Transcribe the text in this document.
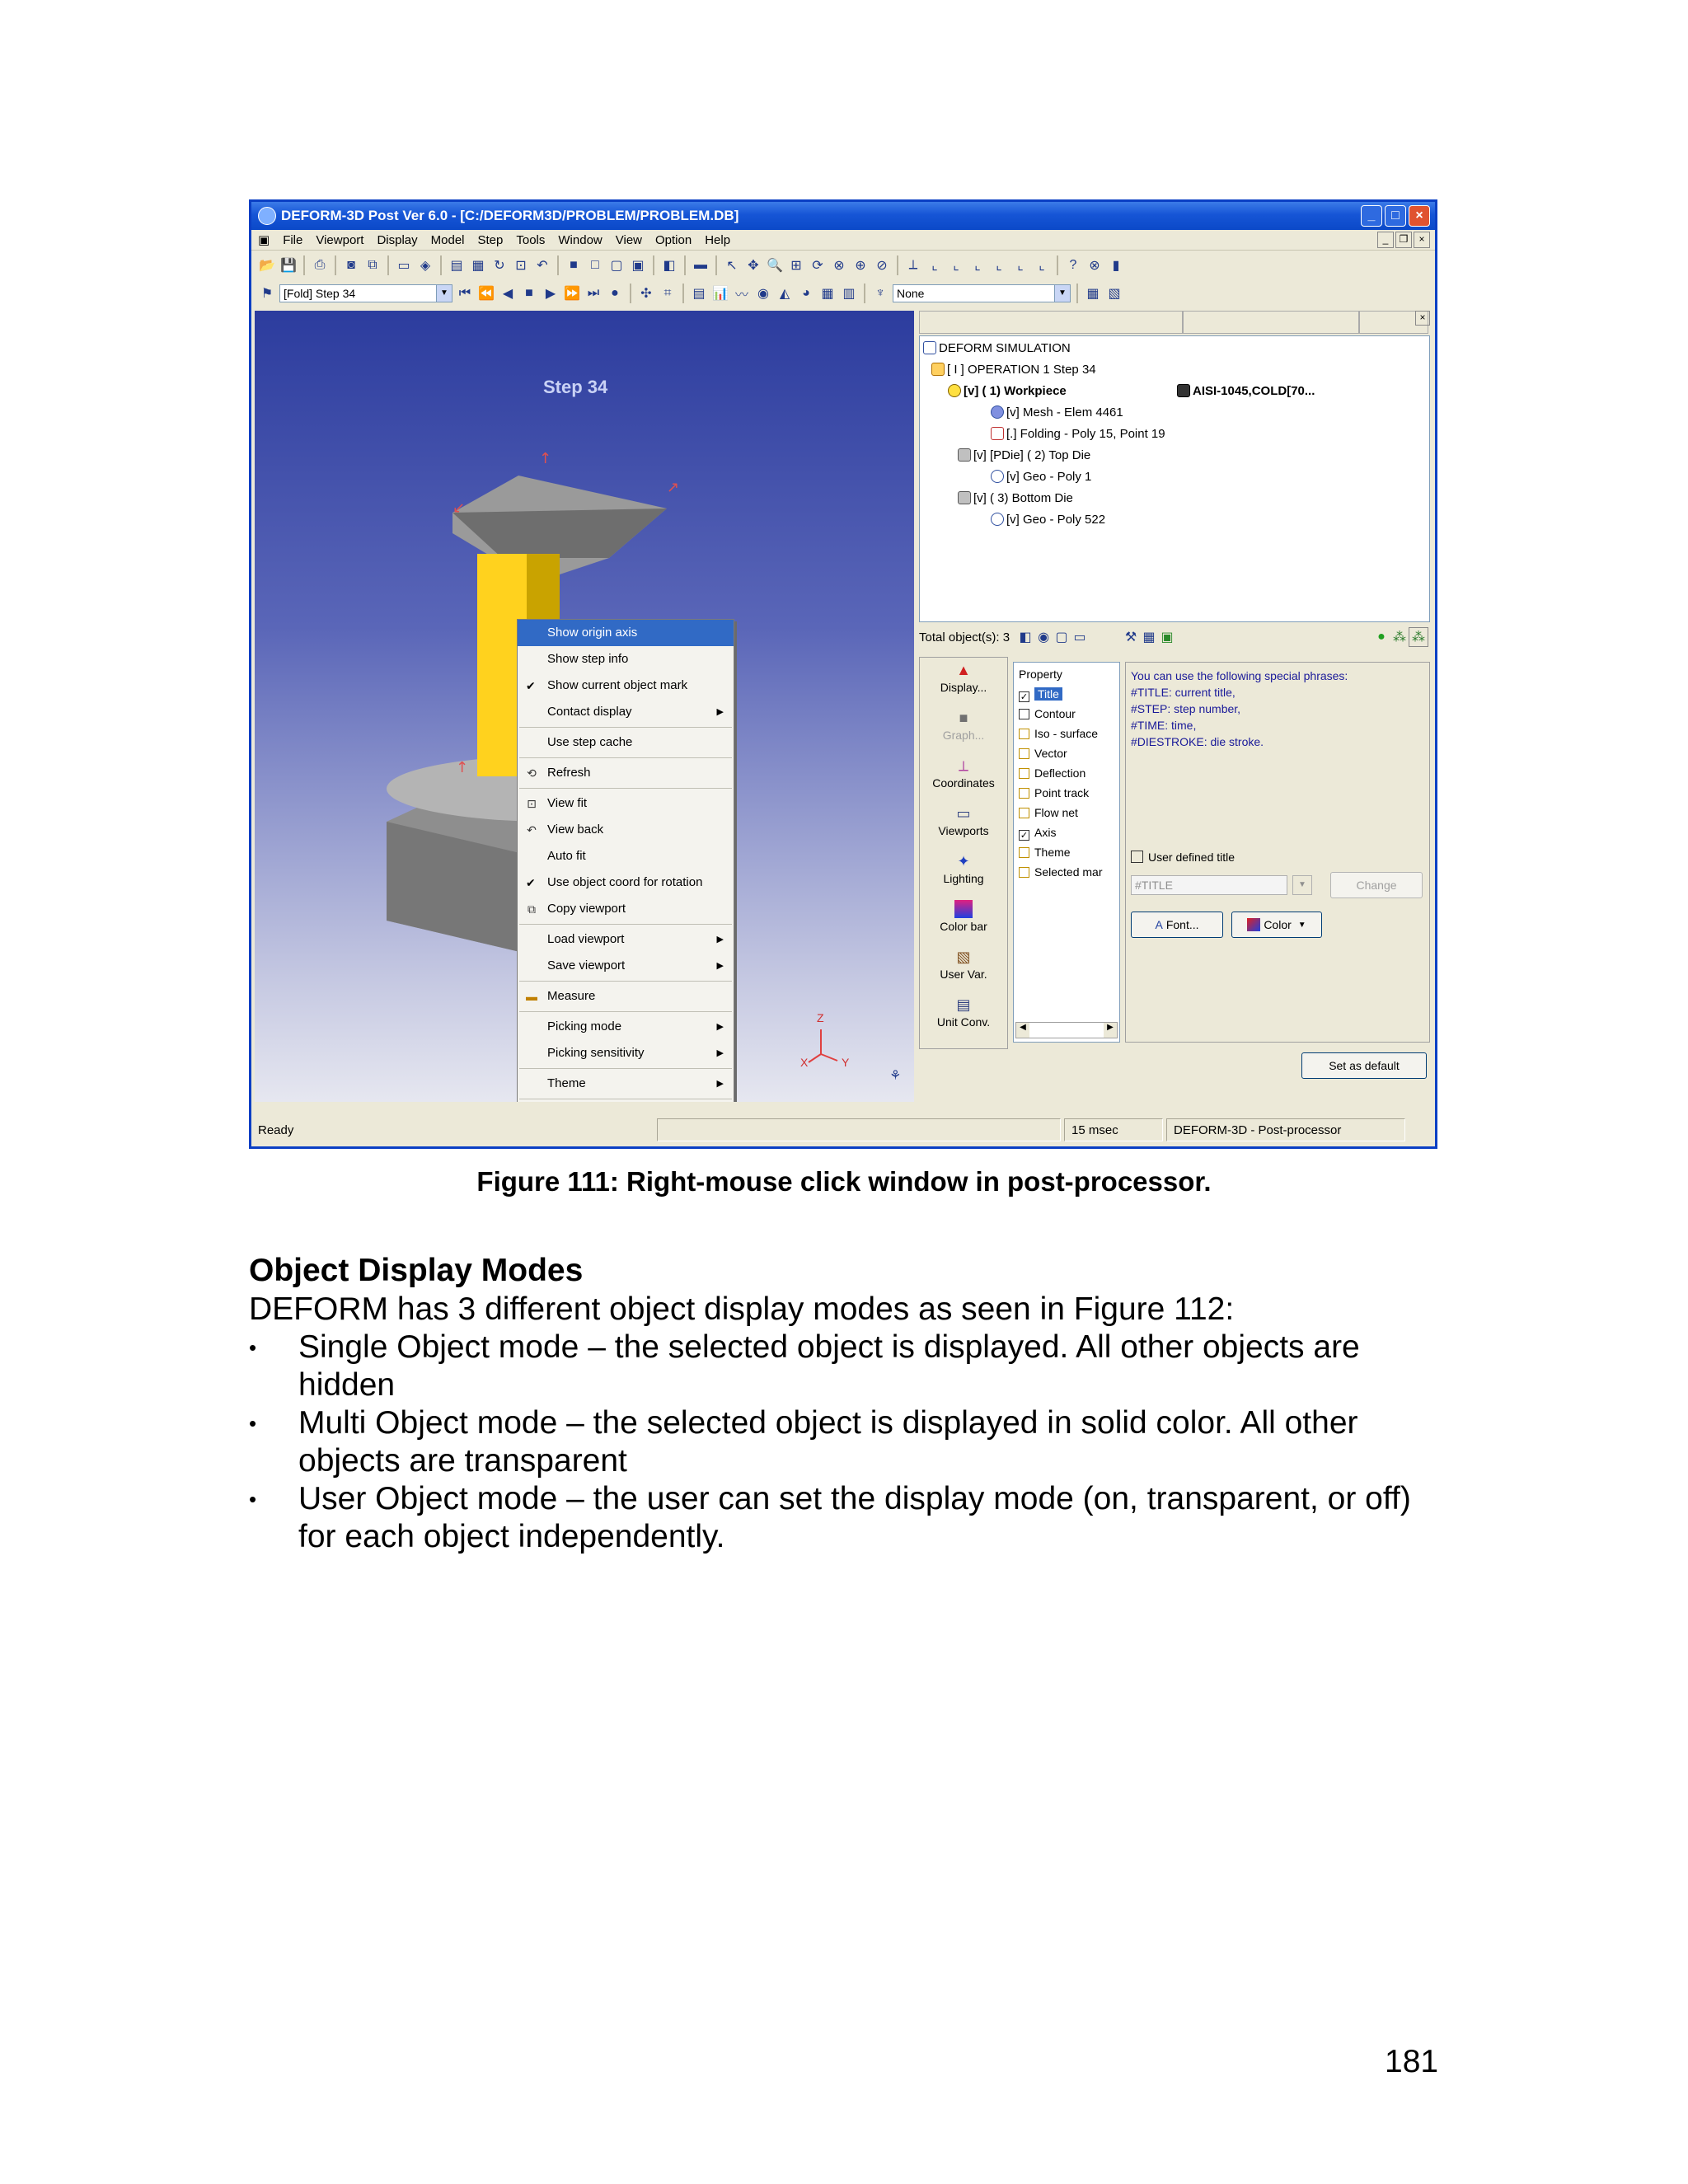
DEFORM-3D Post Ver 6.0 - [C:/DEFORM3D/PROBLEM/PROBLEM.DB]	_	□	×
▣	File	Viewport	Display	Model	Step	Tools	Window	View	Option	Help	_	❐	×
📂 💾 ⎙	◙ ⧉	▭ ◈	▤ ▦ ↻ ⊡ ↶	■	□ ▢ ▣ ◧ ▬ ↖ ✥ 🔍 ⊞ ⟳ ⊗ ⊕ ⊘	⟂	⌞	⌞	⌞	⌞	⌞	⌞	? ⊗ ▮
⚑ [Fold] Step 34	▼ ⏮ ⏪ ◀ ■ ▶ ⏩ ⏭ ●	✣ ⌗	▤ 📊 〰 ◉ ◭ ◕ ▦ ▥	♆	None	▼ ▦ ▧
Step 34
↑
↗
↙
↑
Z
X	Y
Show origin axis
Show step info
✔ Show current object mark
Contact display	▶
Use step cache
⟲ Refresh
⊡ View fit
↶ View back
Auto fit
✔ Use object coord for rotation
⧉ Copy viewport
Load viewport	▶
Save viewport	▶
▬ Measure
Picking mode	▶
Picking sensitivity	▶
Theme	▶
⚘
×
DEFORM SIMULATION
[ I ] OPERATION 1 Step 34
[v] ( 1) Workpiece	AISI-1045,COLD[70...
[v] Mesh - Elem 4461
[.] Folding - Poly 15, Point 19
[v] [PDie] ( 2) Top Die
[v] Geo - Poly 1
[v] ( 3) Bottom Die
[v] Geo - Poly 522
Total object(s): 3 ◧ ◉ ▢ ▭	⚒ ▦ ▣	● ⁂ ⁂
▲
Display...
■
Graph...
⟂
Coordinates
▭
Viewports
✦
Lighting
Color bar
▧
User Var.
▤
Unit Conv.
Property
✓ Title
Contour
Iso - surface
Vector
Deflection
Point track
Flow net
✓ Axis
Theme
Selected mar
◀	▶
You can use the following special phrases:
#TITLE: current title,
#STEP: step number,
#TIME: time,
#DIESTROKE: die stroke.
User defined title
#TITLE	▼	Change
A Font...	Color ▼
Set as default
Ready	15 msec	DEFORM-3D - Post-processor
Figure 111: Right-mouse click window in post-processor.
Object Display Modes
DEFORM has 3 different object display modes as seen in Figure 112:
• Single Object mode – the selected object is displayed. All other objects are hidden
• Multi Object mode – the selected object is displayed in solid color. All other objects are transparent
• User Object mode – the user can set the display mode (on, transparent, or off) for each object independently.
181
